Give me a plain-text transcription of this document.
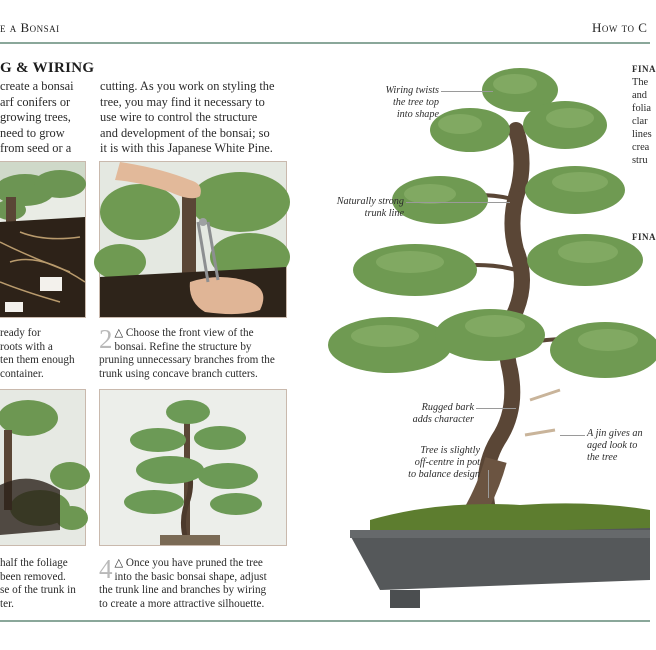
e a Bonsai	How to C
G & WIRING
create a bonsai
arf conifers or
growing trees,
need to grow
from seed or a
cutting. As you work on styling the
tree, you may find it necessary to
use wire to control the structure
and development of the bonsai; so
it is with this Japanese White Pine.
ready for
roots with a
ten them enough
container.
2 △ Choose the front view of the
bonsai. Refine the structure by
pruning unnecessary branches from the
trunk using concave branch cutters.
half the foliage
been removed.
se of the trunk in
ter.
4 △ Once you have pruned the tree
into the basic bonsai shape, adjust
the trunk line and branches by wiring
to create a more attractive silhouette.
Wiring twists
the tree top
into shape
Naturally strong
trunk line
Rugged bark
adds character
Tree is slightly
off-centre in pot
to balance design
A jin gives an
aged look to
the tree
FINA
The
and
folia
clar
lines
crea
stru
FINA
